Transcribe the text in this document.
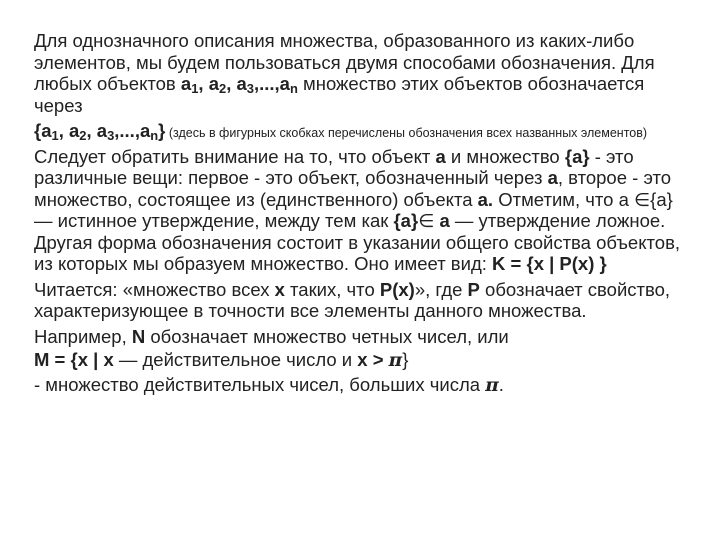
Для однозначного описания множества, образованного из каких-либо элементов, мы будем пользоваться двумя способами обозначения. Для любых объектов $a_1$, $a_2$, $a_3,...,a_n$ множество этих объектов обозначается через

{$a_1$, $a_2$, $a_3,...,a_n$} (здесь в фигурных скобках перечислены обозначения всех названных элементов)

Следует обратить внимание на то, что объект a и множество {a} - это различные вещи: первое - это объект, обозначенный через a, второе - это множество, состоящее из (единственного) объекта a. Отметим, что a ∈{a} — истинное утверждение, между тем как {a}∈ a — утверждение ложное. Другая форма обозначения состоит в указании общего свойства объектов, из которых мы образуем множество. Оно имеет вид: K = {x | P(x) }

Читается: «множество всех x таких, что P(x)», где P обозначает свойство, характеризующее в точности все элементы данного множества.

Например, N обозначает множество четных чисел, или

M = {x | x — действительное число и x > π}

- множество действительных чисел, больших числа π.
